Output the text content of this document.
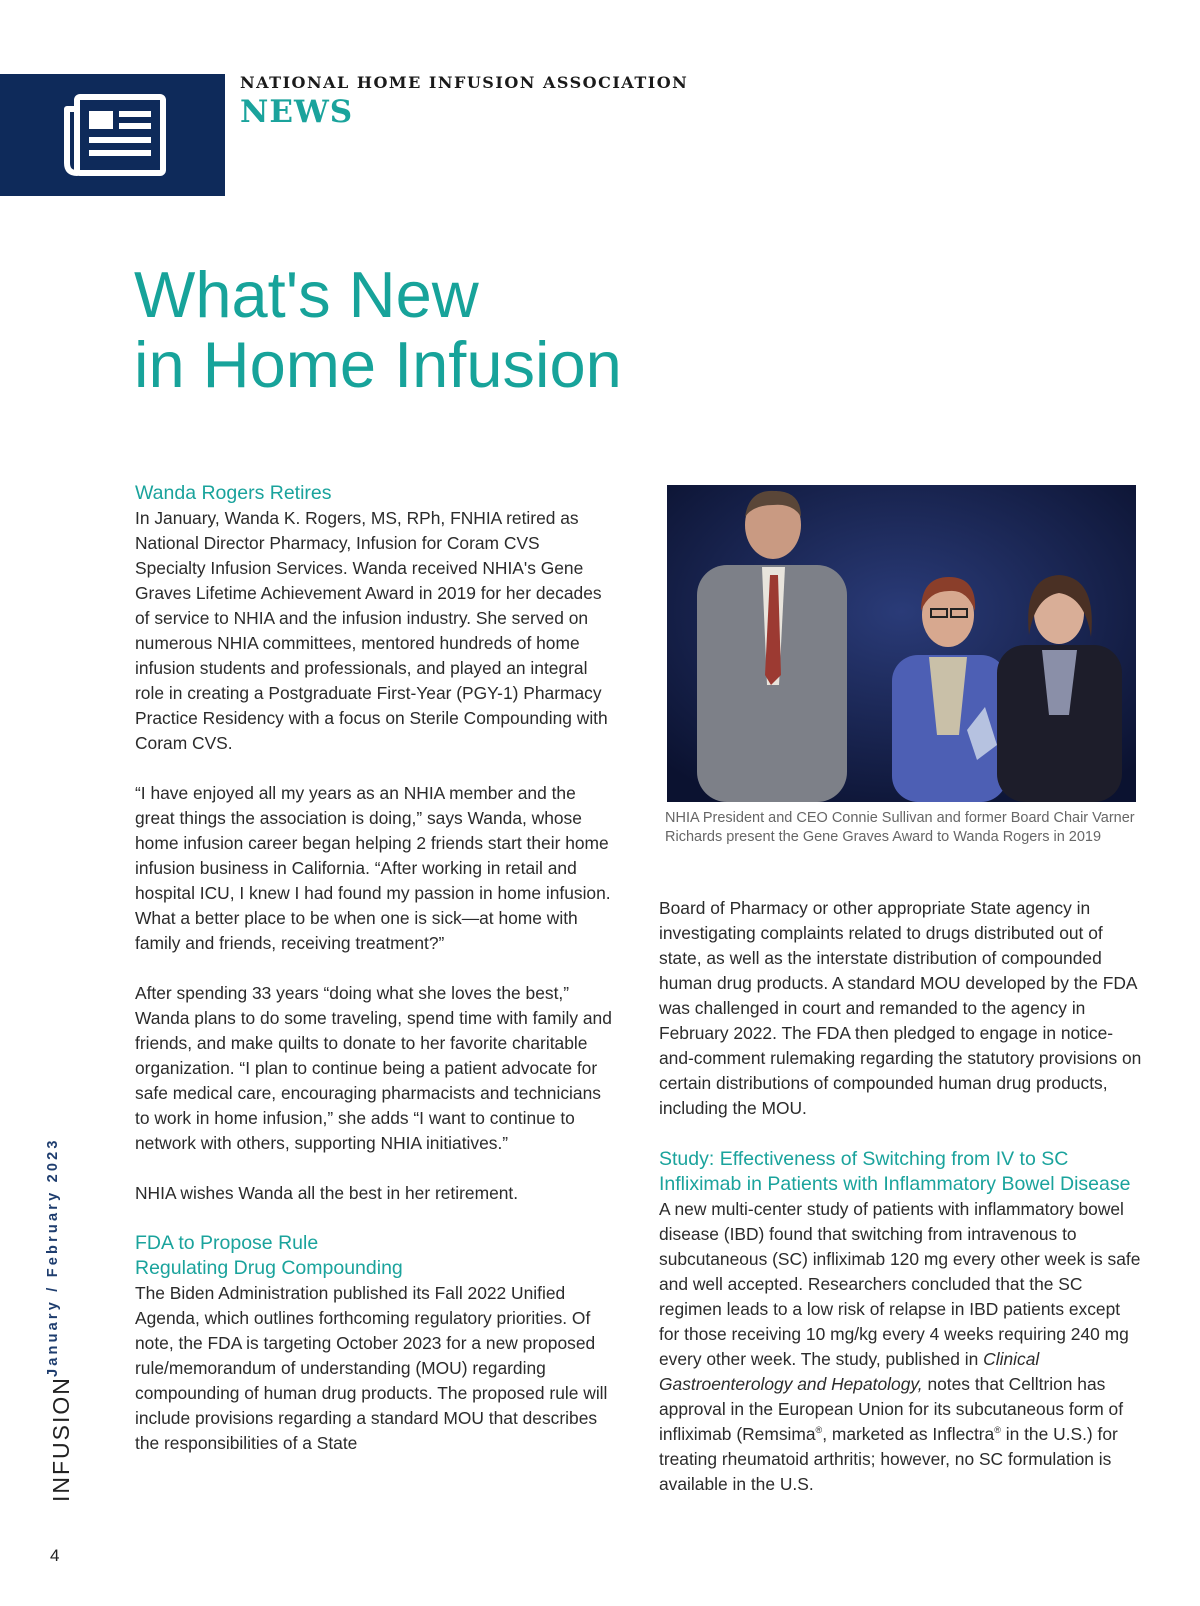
NATIONAL HOME INFUSION ASSOCIATION
NEWS
What's New
in Home Infusion
Wanda Rogers Retires

In January, Wanda K. Rogers, MS, RPh, FNHIA retired as National Director Pharmacy, Infusion for Coram CVS Specialty Infusion Services. Wanda received NHIA's Gene Graves Lifetime Achievement Award in 2019 for her decades of service to NHIA and the infusion industry. She served on numerous NHIA committees, mentored hundreds of home infusion students and professionals, and played an integral role in creating a Postgraduate First-Year (PGY-1) Pharmacy Practice Residency with a focus on Sterile Compounding with Coram CVS.

“I have enjoyed all my years as an NHIA member and the great things the association is doing,” says Wanda, whose home infusion career began helping 2 friends start their home infusion business in California. “After working in retail and hospital ICU, I knew I had found my passion in home infusion. What a better place to be when one is sick—at home with family and friends, receiving treatment?”

After spending 33 years “doing what she loves the best,” Wanda plans to do some traveling, spend time with family and friends, and make quilts to donate to her favorite charitable organization. “I plan to continue being a patient advocate for safe medical care, encouraging pharmacists and technicians to work in home infusion,” she adds “I want to continue to network with others, supporting NHIA initiatives.”

NHIA wishes Wanda all the best in her retirement.

FDA to Propose Rule
Regulating Drug Compounding

The Biden Administration published its Fall 2022 Unified Agenda, which outlines forthcoming regulatory priorities. Of note, the FDA is targeting October 2023 for a new proposed rule/memorandum of understanding (MOU) regarding compounding of human drug products. The proposed rule will include provisions regarding a standard MOU that describes the responsibilities of a State

NHIA President and CEO Connie Sullivan and former Board Chair Varner Richards present the Gene Graves Award to Wanda Rogers in 2019

Board of Pharmacy or other appropriate State agency in investigating complaints related to drugs distributed out of state, as well as the interstate distribution of compounded human drug products. A standard MOU developed by the FDA was challenged in court and remanded to the agency in February 2022. The FDA then pledged to engage in notice-and-comment rulemaking regarding the statutory provisions on certain distributions of compounded human drug products, including the MOU.

Study: Effectiveness of Switching from IV to SC
Infliximab in Patients with Inflammatory Bowel Disease

A new multi-center study of patients with inflammatory bowel disease (IBD) found that switching from intravenous to subcutaneous (SC) infliximab 120 mg every other week is safe and well accepted. Researchers concluded that the SC regimen leads to a low risk of relapse in IBD patients except for those receiving 10 mg/kg every 4 weeks requiring 240 mg every other week. The study, published in Clinical Gastroenterology and Hepatology, notes that Celltrion has approval in the European Union for its subcutaneous form of infliximab (Remsima®, marketed as Inflectra® in the U.S.) for treating rheumatoid arthritis; however, no SC formulation is available in the U.S.

January / February 2023
INFUSION
4
